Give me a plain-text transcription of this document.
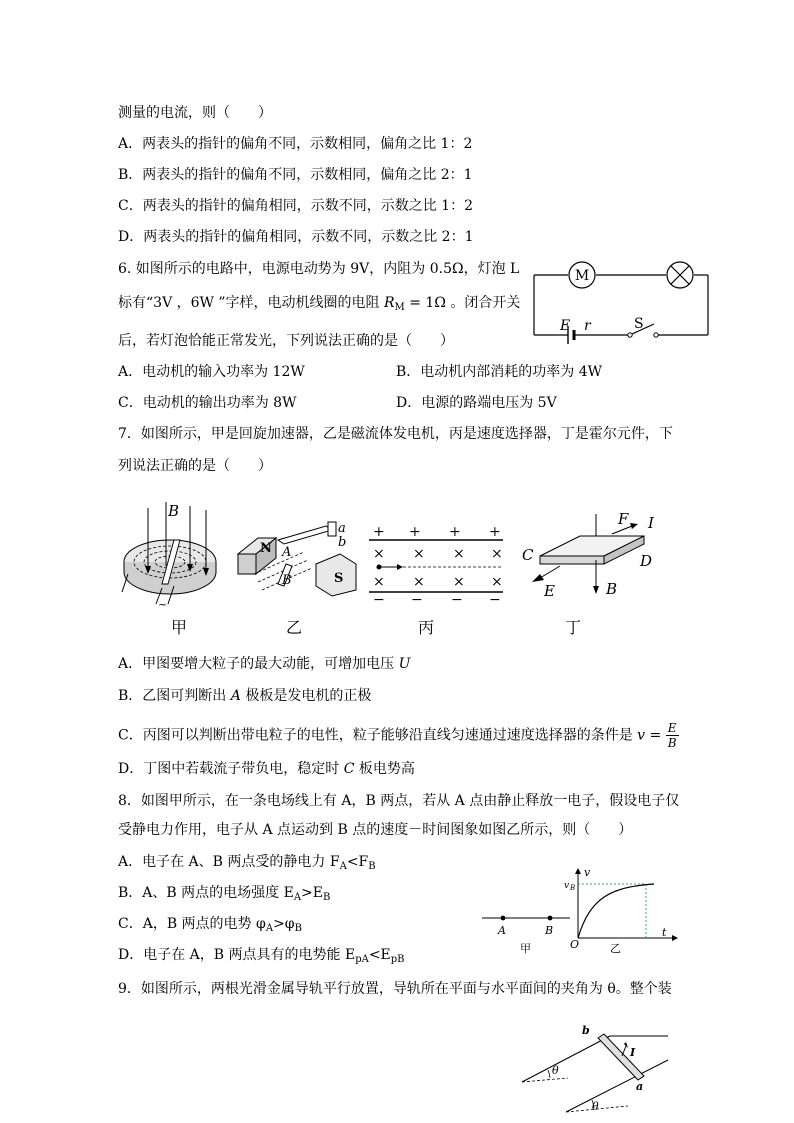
测量的电流，则（　　）
A．两表头的指针的偏角不同，示数相同，偏角之比 1：2
B．两表头的指针的偏角不同，示数相同，偏角之比 2：1
C．两表头的指针的偏角相同，示数不同，示数之比 1：2
D．两表头的指针的偏角相同，示数不同，示数之比 2：1
6. 如图所示的电路中，电源电动势为 9V，内阻为 0.5Ω，灯泡 L
标有“3V ，6W ”字样，电动机线圈的电阻 $R_M = 1\Omega$ 。闭合开关
后，若灯泡恰能正常发光，下列说法正确的是（　　）
M
E r	S
A．电动机的输入功率为 12W	B．电动机内部消耗的功率为 4W
C．电动机的输出功率为 8W	D．电源的路端电压为 5V
7．如图所示，甲是回旋加速器，乙是磁流体发电机，丙是速度选择器，丁是霍尔元件，下
列说法正确的是（　　）
B
~
N A
B
a
b
S
+ + + +
× × × ×
× × × ×
− − − −
B
E
C	D
F I
甲	乙	丙	丁
A．甲图要增大粒子的最大动能，可增加电压 U
B．乙图可判断出 A 极板是发电机的正极
C．丙图可以判断出带电粒子的电性，粒子能够沿直线匀速通过速度选择器的条件是 $v = \frac{E}{B}$
D．丁图中若载流子带负电，稳定时 C 板电势高
8．如图甲所示，在一条电场线上有 A，B 两点，若从 A 点由静止释放一电子，假设电子仅
受静电力作用，电子从 A 点运动到 B 点的速度－时间图象如图乙所示，则（　　）
A．电子在 A、B 两点受的静电力 $F_A<F_B$
B．A、B 两点的电场强度 $E_A>E_B$
C．A，B 两点的电势 $\varphi_A>\varphi_B$
D．电子在 A，B 两点具有的电势能 $E_{pA}<E_{pB}$
A	B
甲
v
v B
O
t
乙
9．如图所示，两根光滑金属导轨平行放置，导轨所在平面与水平面间的夹角为 θ。整个装
θ
θ
b
a
I
